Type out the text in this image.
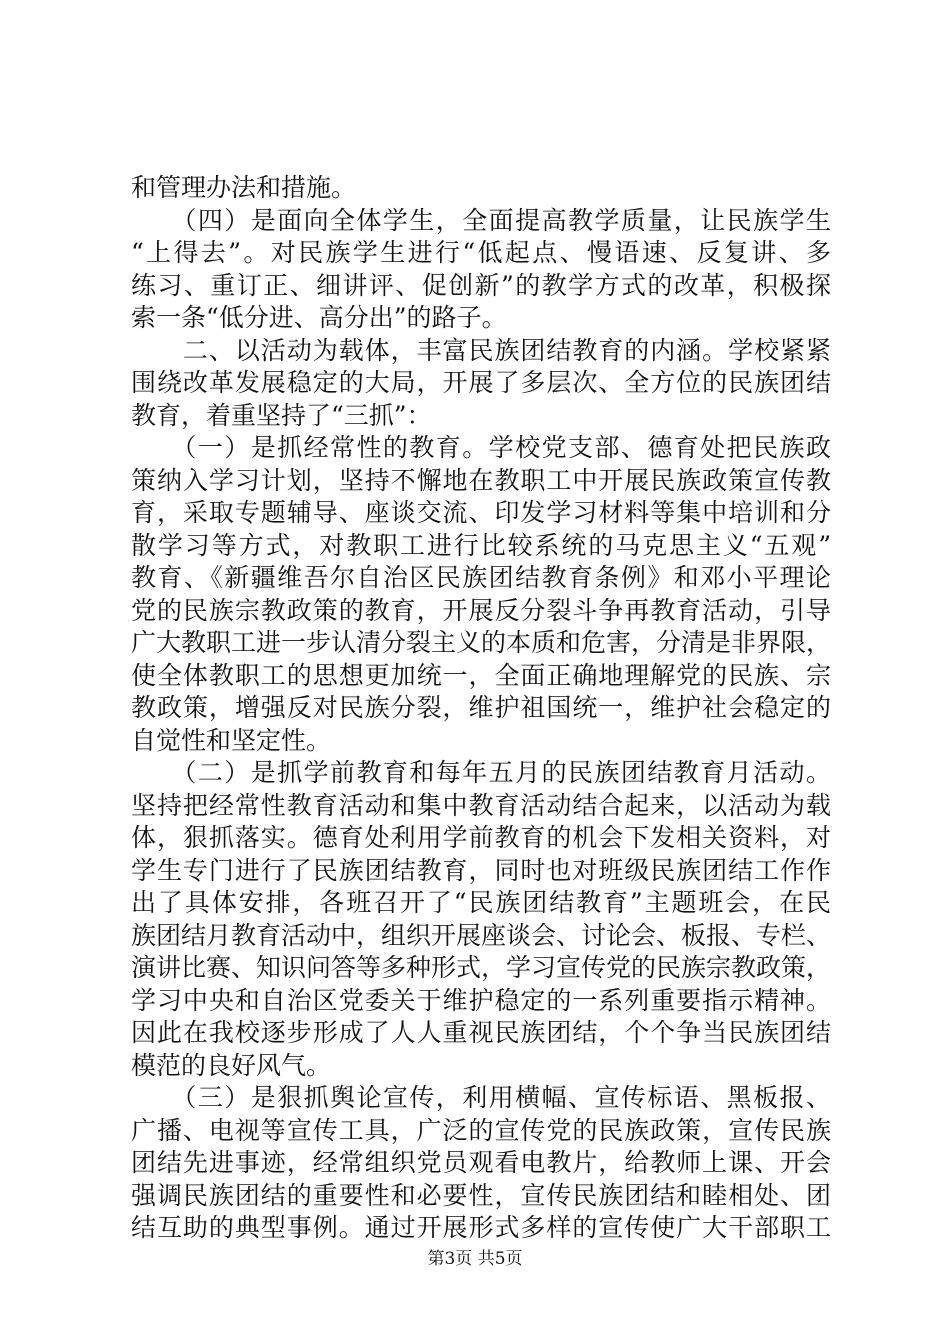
和管理办法和措施。
　　（四）是面向全体学生，全面提高教学质量，让民族学生
“上得去”。对民族学生进行“低起点、慢语速、反复讲、多
练习、重订正、细讲评、促创新”的教学方式的改革，积极探
索一条“低分进、高分出”的路子。
　　二、以活动为载体，丰富民族团结教育的内涵。学校紧紧
围绕改革发展稳定的大局，开展了多层次、全方位的民族团结
教育，着重坚持了“三抓”：
　　（一）是抓经常性的教育。学校党支部、德育处把民族政
策纳入学习计划，坚持不懈地在教职工中开展民族政策宣传教
育，采取专题辅导、座谈交流、印发学习材料等集中培训和分
散学习等方式，对教职工进行比较系统的马克思主义“五观”
教育、《新疆维吾尔自治区民族团结教育条例》和邓小平理论
党的民族宗教政策的教育，开展反分裂斗争再教育活动，引导
广大教职工进一步认清分裂主义的本质和危害，分清是非界限，
使全体教职工的思想更加统一，全面正确地理解党的民族、宗
教政策，增强反对民族分裂，维护祖国统一，维护社会稳定的
自觉性和坚定性。
　　（二）是抓学前教育和每年五月的民族团结教育月活动。
坚持把经常性教育活动和集中教育活动结合起来，以活动为载
体，狠抓落实。德育处利用学前教育的机会下发相关资料，对
学生专门进行了民族团结教育，同时也对班级民族团结工作作
出了具体安排，各班召开了“民族团结教育”主题班会，在民
族团结月教育活动中，组织开展座谈会、讨论会、板报、专栏、
演讲比赛、知识问答等多种形式，学习宣传党的民族宗教政策，
学习中央和自治区党委关于维护稳定的一系列重要指示精神。
因此在我校逐步形成了人人重视民族团结，个个争当民族团结
模范的良好风气。
　　（三）是狠抓舆论宣传，利用横幅、宣传标语、黑板报、
广播、电视等宣传工具，广泛的宣传党的民族政策，宣传民族
团结先进事迹，经常组织党员观看电教片，给教师上课、开会
强调民族团结的重要性和必要性，宣传民族团结和睦相处、团
结互助的典型事例。通过开展形式多样的宣传使广大干部职工
第3页 共5页
